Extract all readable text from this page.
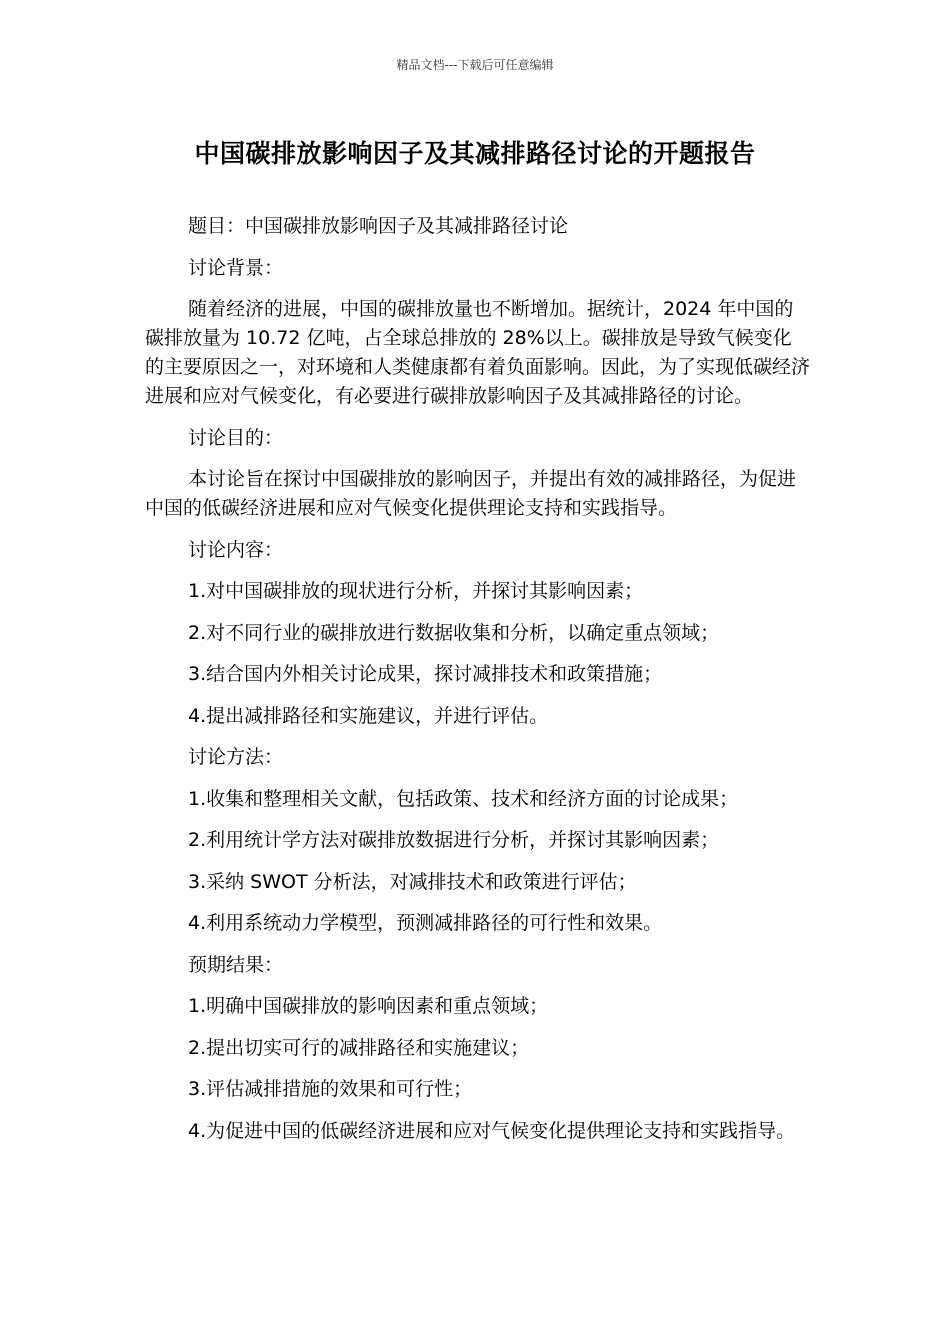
精品文档---下载后可任意编辑
中国碳排放影响因子及其减排路径讨论的开题报告

题目：中国碳排放影响因子及其减排路径讨论

讨论背景：

随着经济的进展，中国的碳排放量也不断增加。据统计，2024 年中国的碳排放量为 10.72 亿吨，占全球总排放的 28%以上。碳排放是导致气候变化的主要原因之一，对环境和人类健康都有着负面影响。因此，为了实现低碳经济进展和应对气候变化，有必要进行碳排放影响因子及其减排路径的讨论。

讨论目的：

本讨论旨在探讨中国碳排放的影响因子，并提出有效的减排路径，为促进中国的低碳经济进展和应对气候变化提供理论支持和实践指导。

讨论内容：

1.对中国碳排放的现状进行分析，并探讨其影响因素；

2.对不同行业的碳排放进行数据收集和分析，以确定重点领域；

3.结合国内外相关讨论成果，探讨减排技术和政策措施；

4.提出减排路径和实施建议，并进行评估。

讨论方法：

1.收集和整理相关文献，包括政策、技术和经济方面的讨论成果；

2.利用统计学方法对碳排放数据进行分析，并探讨其影响因素；

3.采纳 SWOT 分析法，对减排技术和政策进行评估；

4.利用系统动力学模型，预测减排路径的可行性和效果。

预期结果：

1.明确中国碳排放的影响因素和重点领域；

2.提出切实可行的减排路径和实施建议；

3.评估减排措施的效果和可行性；

4.为促进中国的低碳经济进展和应对气候变化提供理论支持和实践指导。
